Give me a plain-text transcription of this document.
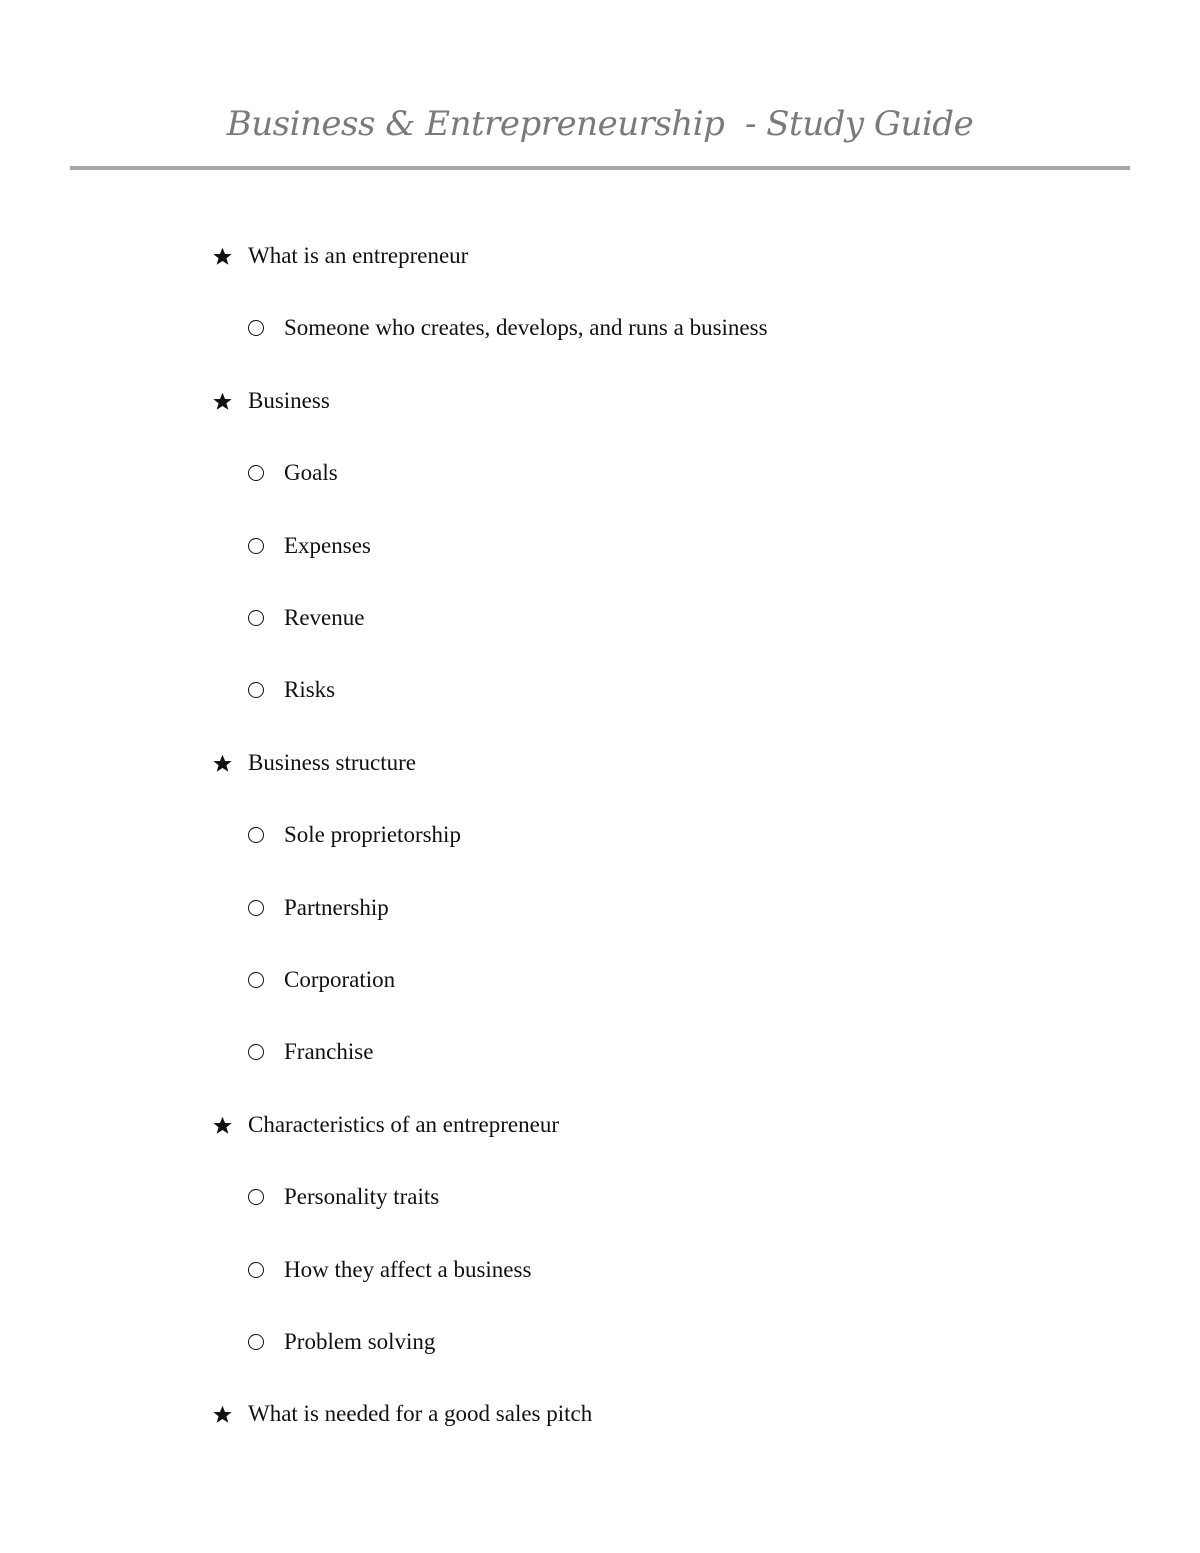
Business & Entrepreneurship  - Study Guide
What is an entrepreneur
Someone who creates, develops, and runs a business
Business
Goals
Expenses
Revenue
Risks
Business structure
Sole proprietorship
Partnership
Corporation
Franchise
Characteristics of an entrepreneur
Personality traits
How they affect a business
Problem solving
What is needed for a good sales pitch
